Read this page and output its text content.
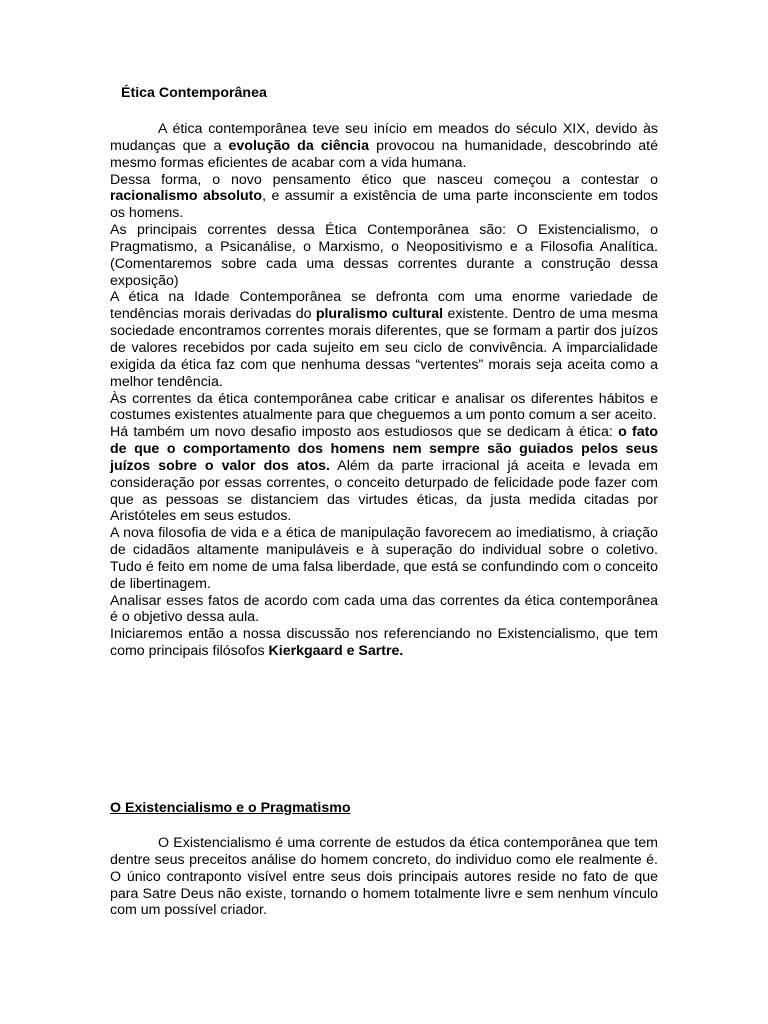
Ética Contemporânea

A ética contemporânea teve seu início em meados do século XIX, devido às mudanças que a evolução da ciência provocou na humanidade, descobrindo até mesmo formas eficientes de acabar com a vida humana.

Dessa forma, o novo pensamento ético que nasceu começou a contestar o racionalismo absoluto, e assumir a existência de uma parte inconsciente em todos os homens.

As principais correntes dessa Ética Contemporânea são: O Existencialismo, o Pragmatismo, a Psicanálise, o Marxismo, o Neopositivismo e a Filosofia Analítica. (Comentaremos sobre cada uma dessas correntes durante a construção dessa exposição)

A ética na Idade Contemporânea se defronta com uma enorme variedade de tendências morais derivadas do pluralismo cultural existente. Dentro de uma mesma sociedade encontramos correntes morais diferentes, que se formam a partir dos juízos de valores recebidos por cada sujeito em seu ciclo de convivência. A imparcialidade exigida da ética faz com que nenhuma dessas “vertentes” morais seja aceita como a melhor tendência.

Às correntes da ética contemporânea cabe criticar e analisar os diferentes hábitos e costumes existentes atualmente para que cheguemos a um ponto comum a ser aceito.

Há também um novo desafio imposto aos estudiosos que se dedicam à ética: o fato de que o comportamento dos homens nem sempre são guiados pelos seus juízos sobre o valor dos atos. Além da parte irracional já aceita e levada em consideração por essas correntes, o conceito deturpado de felicidade pode fazer com que as pessoas se distanciem das virtudes éticas, da justa medida citadas por Aristóteles em seus estudos.

A nova filosofia de vida e a ética de manipulação favorecem ao imediatismo, à criação de cidadãos altamente manipuláveis e à superação do individual sobre o coletivo. Tudo é feito em nome de uma falsa liberdade, que está se confundindo com o conceito de libertinagem.

Analisar esses fatos de acordo com cada uma das correntes da ética contemporânea é o objetivo dessa aula.

Iniciaremos então a nossa discussão nos referenciando no Existencialismo, que tem como principais filósofos Kierkgaard e Sartre.

O Existencialismo e o Pragmatismo

O Existencialismo é uma corrente de estudos da ética contemporânea que tem dentre seus preceitos análise do homem concreto, do individuo como ele realmente é. O único contraponto visível entre seus dois principais autores reside no fato de que para Satre Deus não existe, tornando o homem totalmente livre e sem nenhum vínculo com um possível criador.
